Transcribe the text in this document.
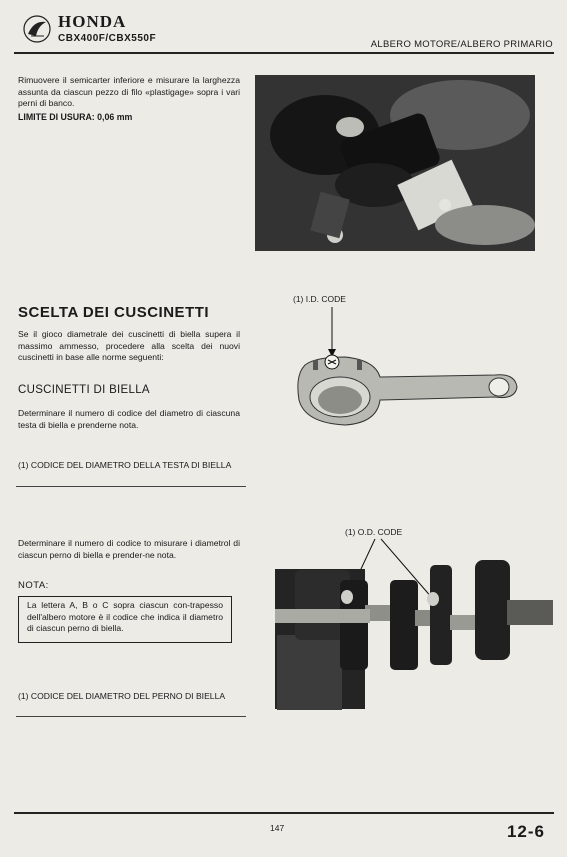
HONDA
CBX400F/CBX550F
ALBERO MOTORE/ALBERO PRIMARIO
Rimuovere il semicarter inferiore e misurare la larghezza assunta da ciascun pezzo di filo «plastigage» sopra i vari perni di banco.
LIMITE DI USURA: 0,06 mm
SCELTA DEI CUSCINETTI
Se il gioco diametrale dei cuscinetti di biella supera il massimo ammesso, procedere alla scelta dei nuovi cuscinetti in base alle norme seguenti:
CUSCINETTI DI BIELLA
Determinare il numero di codice del diametro di ciascuna testa di biella e prenderne nota.
(1) CODICE DEL DIAMETRO DELLA TESTA DI BIELLA
Determinare il numero di codice to misurare i diametrol di ciascun perno di biella e prender-ne nota.
NOTA:
La lettera A, B o C sopra ciascun con-trapesso dell'albero motore è il codice che indica il diametro di ciascun perno di biella.
(1) CODICE DEL DIAMETRO DEL PERNO DI BIELLA
(1) I.D. CODE
(1) O.D. CODE
147	12-6
